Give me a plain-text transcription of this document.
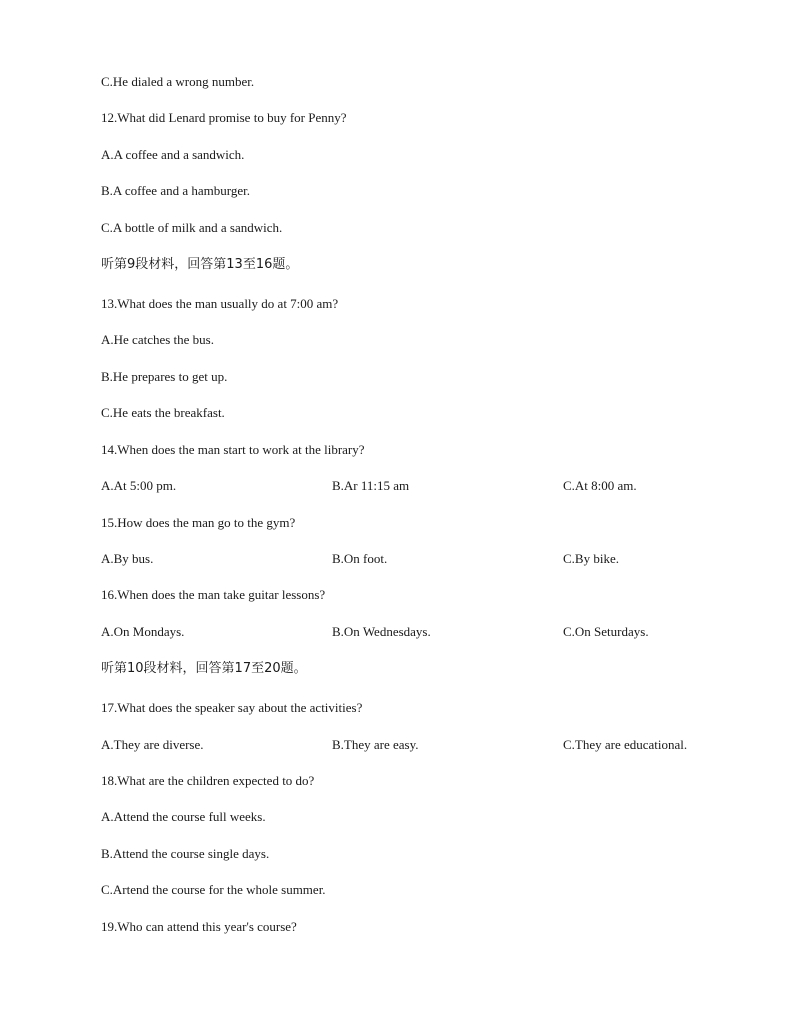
C.He dialed a wrong number.
12.What did Lenard promise to buy for Penny?
A.A coffee and a sandwich.
B.A coffee and a hamburger.
C.A bottle of milk and a sandwich.
听第9段材料，回答第13至16题。
13.What does the man usually do at 7:00 am?
A.He catches the bus.
B.He prepares to get up.
C.He eats the breakfast.
14.When does the man start to work at the library?
A.At 5:00 pm.	B.Ar 11:15 am	C.At 8:00 am.
15.How does the man go to the gym?
A.By bus.	B.On foot.	C.By bike.
16.When does the man take guitar lessons?
A.On Mondays.	B.On Wednesdays.	C.On Seturdays.
听第10段材料，回答第17至20题。
17.What does the speaker say about the activities?
A.They are diverse.	B.They are easy.	C.They are educational.
18.What are the children expected to do?
A.Attend the course full weeks.
B.Attend the course single days.
C.Artend the course for the whole summer.
19.Who can attend this year's course?
